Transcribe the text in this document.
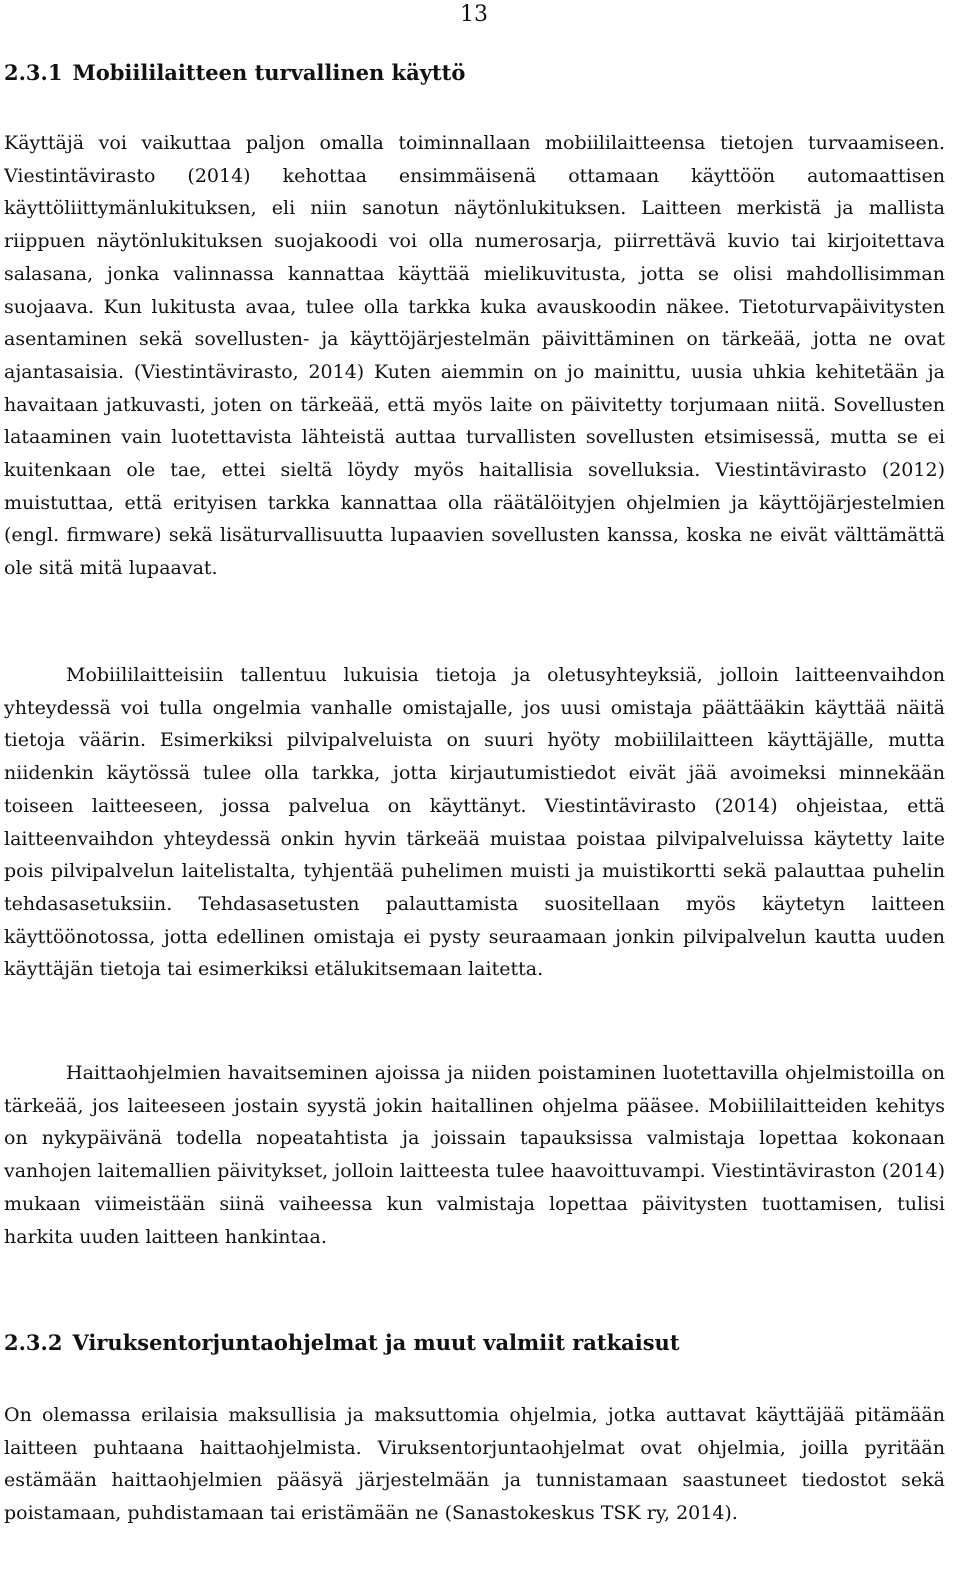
13
2.3.1 Mobiililaitteen turvallinen käyttö

Käyttäjä voi vaikuttaa paljon omalla toiminnallaan mobiililaitteensa tietojen turvaamiseen. Viestintävirasto (2014) kehottaa ensimmäisenä ottamaan käyttöön automaattisen käyttöliittymänlukituksen, eli niin sanotun näytönlukituksen. Laitteen merkistä ja mallista riippuen näytönlukituksen suojakoodi voi olla numerosarja, piirrettävä kuvio tai kirjoitettava salasana, jonka valinnassa kannattaa käyttää mielikuvitusta, jotta se olisi mahdollisimman suojaava. Kun lukitusta avaa, tulee olla tarkka kuka avauskoodin näkee. Tietoturvapäivitysten asentaminen sekä sovellusten- ja käyttöjärjestelmän päivittäminen on tärkeää, jotta ne ovat ajantasaisia. (Viestintävirasto, 2014) Kuten aiemmin on jo mainittu, uusia uhkia kehitetään ja havaitaan jatkuvasti, joten on tärkeää, että myös laite on päivitetty torjumaan niitä. Sovellusten lataaminen vain luotettavista lähteistä auttaa turvallisten sovellusten etsimisessä, mutta se ei kuitenkaan ole tae, ettei sieltä löydy myös haitallisia sovelluksia. Viestintävirasto (2012) muistuttaa, että erityisen tarkka kannattaa olla räätälöityjen ohjelmien ja käyttöjärjestelmien (engl. firmware) sekä lisäturvallisuutta lupaavien sovellusten kanssa, koska ne eivät välttämättä ole sitä mitä lupaavat.

Mobiililaitteisiin tallentuu lukuisia tietoja ja oletusyhteyksiä, jolloin laitteenvaihdon yhteydessä voi tulla ongelmia vanhalle omistajalle, jos uusi omistaja päättääkin käyttää näitä tietoja väärin. Esimerkiksi pilvipalveluista on suuri hyöty mobiililaitteen käyttäjälle, mutta niidenkin käytössä tulee olla tarkka, jotta kirjautumistiedot eivät jää avoimeksi minnekään toiseen laitteeseen, jossa palvelua on käyttänyt. Viestintävirasto (2014) ohjeistaa, että laitteenvaihdon yhteydessä onkin hyvin tärkeää muistaa poistaa pilvipalveluissa käytetty laite pois pilvipalvelun laitelistalta, tyhjentää puhelimen muisti ja muistikortti sekä palauttaa puhelin tehdasasetuksiin. Tehdasasetusten palauttamista suositellaan myös käytetyn laitteen käyttöönotossa, jotta edellinen omistaja ei pysty seuraamaan jonkin pilvipalvelun kautta uuden käyttäjän tietoja tai esimerkiksi etälukitsemaan laitetta.

Haittaohjelmien havaitseminen ajoissa ja niiden poistaminen luotettavilla ohjelmistoilla on tärkeää, jos laiteeseen jostain syystä jokin haitallinen ohjelma pääsee. Mobiililaitteiden kehitys on nykypäivänä todella nopeatahtista ja joissain tapauksissa valmistaja lopettaa kokonaan vanhojen laitemallien päivitykset, jolloin laitteesta tulee haavoittuvampi. Viestintäviraston (2014) mukaan viimeistään siinä vaiheessa kun valmistaja lopettaa päivitysten tuottamisen, tulisi harkita uuden laitteen hankintaa.

2.3.2 Viruksentorjuntaohjelmat ja muut valmiit ratkaisut

On olemassa erilaisia maksullisia ja maksuttomia ohjelmia, jotka auttavat käyttäjää pitämään laitteen puhtaana haittaohjelmista. Viruksentorjuntaohjelmat ovat ohjelmia, joilla pyritään estämään haittaohjelmien pääsyä järjestelmään ja tunnistamaan saastuneet tiedostot sekä poistamaan, puhdistamaan tai eristämään ne (Sanastokeskus TSK ry, 2014).
